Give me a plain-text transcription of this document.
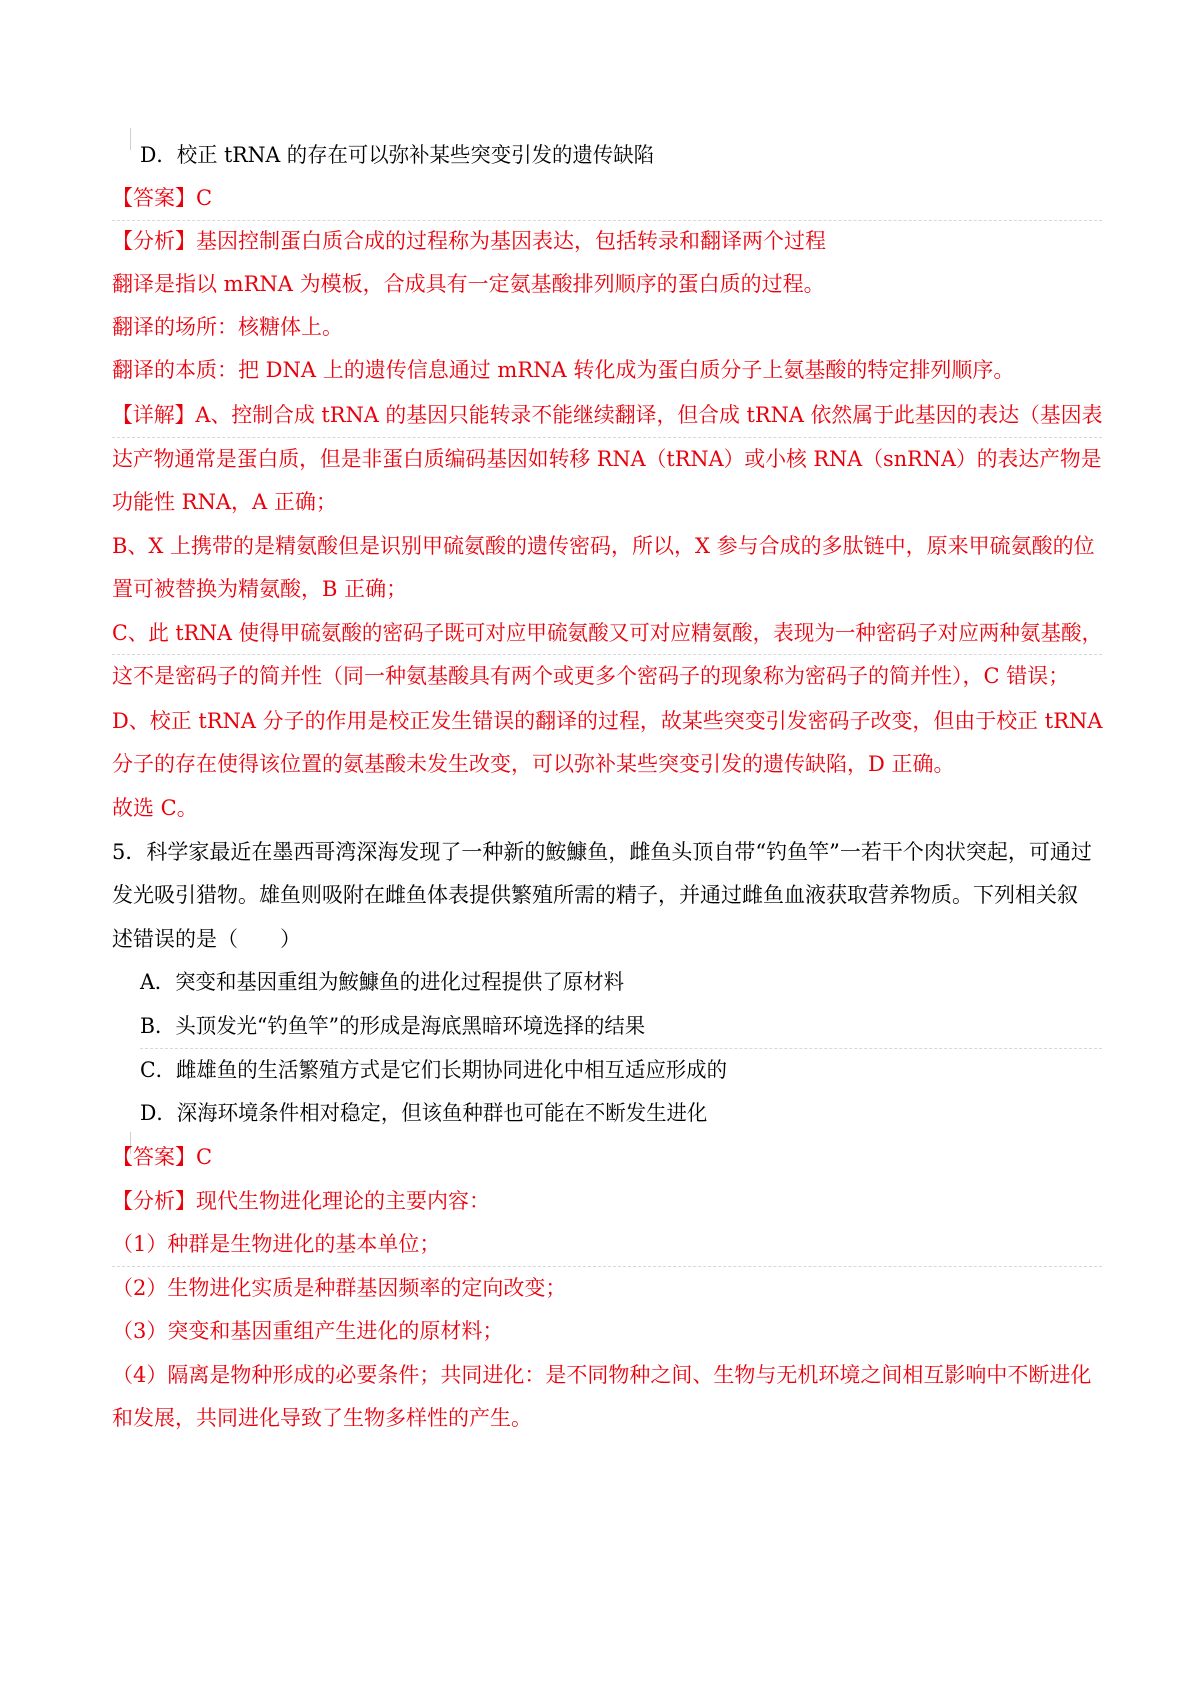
D．校正 tRNA 的存在可以弥补某些突变引发的遗传缺陷
【答案】C
【分析】基因控制蛋白质合成的过程称为基因表达，包括转录和翻译两个过程
翻译是指以 mRNA 为模板，合成具有一定氨基酸排列顺序的蛋白质的过程。
翻译的场所：核糖体上。
翻译的本质：把 DNA 上的遗传信息通过 mRNA 转化成为蛋白质分子上氨基酸的特定排列顺序。
【详解】A、控制合成 tRNA 的基因只能转录不能继续翻译，但合成 tRNA 依然属于此基因的表达（基因表
达产物通常是蛋白质，但是非蛋白质编码基因如转移 RNA（tRNA）或小核 RNA（snRNA）的表达产物是
功能性 RNA，A 正确；
B、X 上携带的是精氨酸但是识别甲硫氨酸的遗传密码，所以，X 参与合成的多肽链中，原来甲硫氨酸的位
置可被替换为精氨酸，B 正确；
C、此 tRNA 使得甲硫氨酸的密码子既可对应甲硫氨酸又可对应精氨酸，表现为一种密码子对应两种氨基酸，
这不是密码子的简并性（同一种氨基酸具有两个或更多个密码子的现象称为密码子的简并性），C 错误；
D、校正 tRNA 分子的作用是校正发生错误的翻译的过程，故某些突变引发密码子改变，但由于校正 tRNA
分子的存在使得该位置的氨基酸未发生改变，可以弥补某些突变引发的遗传缺陷，D 正确。
故选 C。
5．科学家最近在墨西哥湾深海发现了一种新的鮟鱇鱼，雌鱼头顶自带“钓鱼竿”一若干个肉状突起，可通过
发光吸引猎物。雄鱼则吸附在雌鱼体表提供繁殖所需的精子，并通过雌鱼血液获取营养物质。下列相关叙
述错误的是（　　）
A．突变和基因重组为鮟鱇鱼的进化过程提供了原材料
B．头顶发光“钓鱼竿”的形成是海底黑暗环境选择的结果
C．雌雄鱼的生活繁殖方式是它们长期协同进化中相互适应形成的
D．深海环境条件相对稳定，但该鱼种群也可能在不断发生进化
【答案】C
【分析】现代生物进化理论的主要内容：
（1）种群是生物进化的基本单位；
（2）生物进化实质是种群基因频率的定向改变；
（3）突变和基因重组产生进化的原材料；
（4）隔离是物种形成的必要条件；共同进化：是不同物种之间、生物与无机环境之间相互影响中不断进化
和发展，共同进化导致了生物多样性的产生。
